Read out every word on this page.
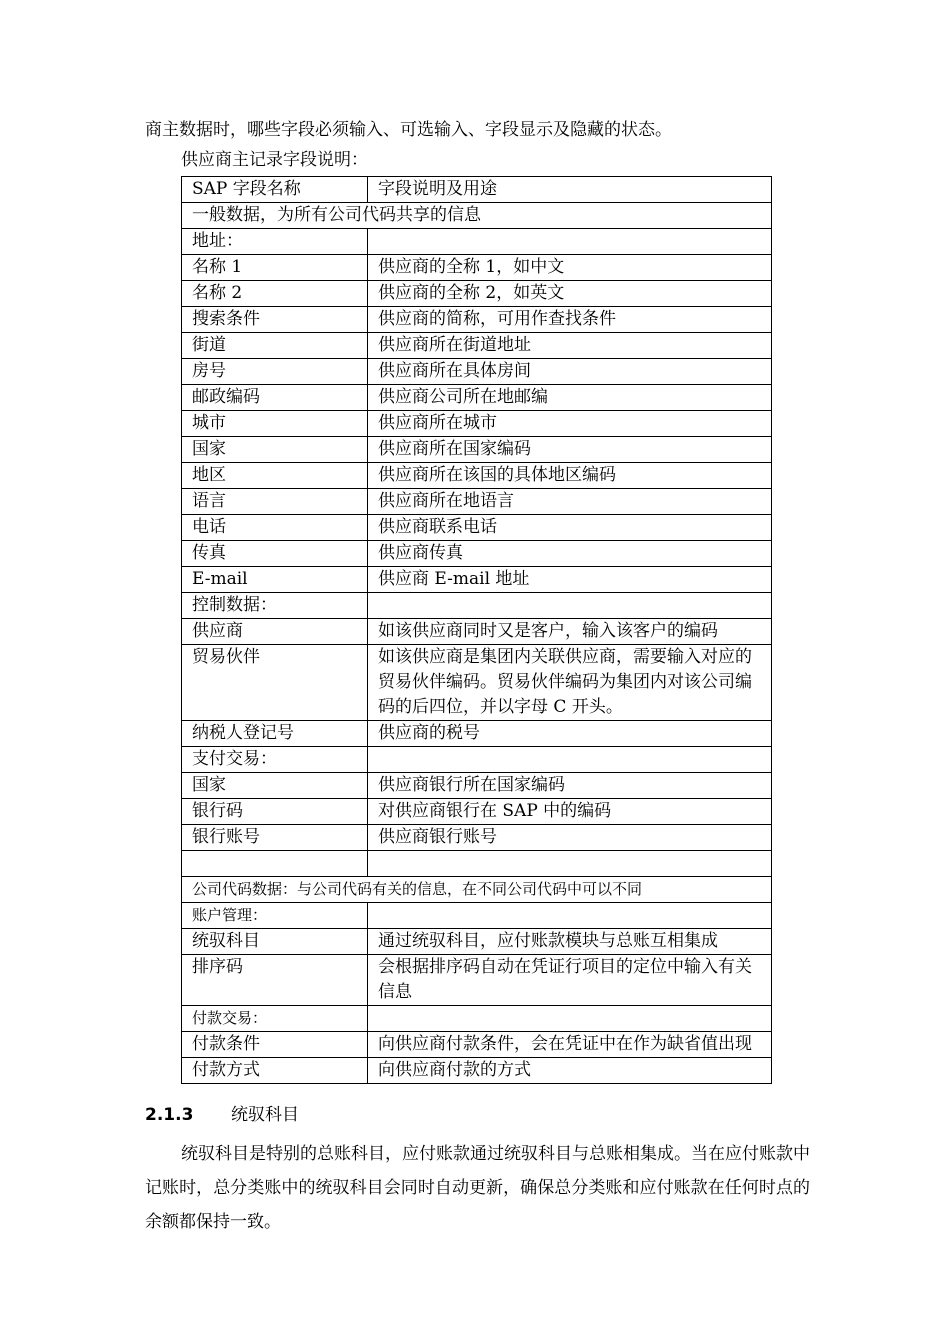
商主数据时，哪些字段必须输入、可选输入、字段显示及隐藏的状态。
供应商主记录字段说明：
SAP 字段名称	字段说明及用途
一般数据，为所有公司代码共享的信息	
地址：	
名称 1	供应商的全称 1，如中文
名称 2	供应商的全称 2，如英文
搜索条件	供应商的简称，可用作查找条件
街道	供应商所在街道地址
房号	供应商所在具体房间
邮政编码	供应商公司所在地邮编
城市	供应商所在城市
国家	供应商所在国家编码
地区	供应商所在该国的具体地区编码
语言	供应商所在地语言
电话	供应商联系电话
传真	供应商传真
E-mail	供应商 E-mail 地址
控制数据：	
供应商	如该供应商同时又是客户，输入该客户的编码
贸易伙伴	如该供应商是集团内关联供应商，需要输入对应的贸易伙伴编码。贸易伙伴编码为集团内对该公司编码的后四位，并以字母 C 开头。
纳税人登记号	供应商的税号
支付交易：	
国家	供应商银行所在国家编码
银行码	对供应商银行在 SAP 中的编码
银行账号	供应商银行账号

公司代码数据：与公司代码有关的信息，在不同公司代码中可以不同	
账户管理：	
统驭科目	通过统驭科目，应付账款模块与总账互相集成
排序码	会根据排序码自动在凭证行项目的定位中输入有关信息
付款交易：	
付款条件	向供应商付款条件，会在凭证中在作为缺省值出现
付款方式	向供应商付款的方式
2.1.3 统驭科目
统驭科目是特别的总账科目，应付账款通过统驭科目与总账相集成。当在应付账款中记账时，总分类账中的统驭科目会同时自动更新，确保总分类账和应付账款在任何时点的余额都保持一致。
